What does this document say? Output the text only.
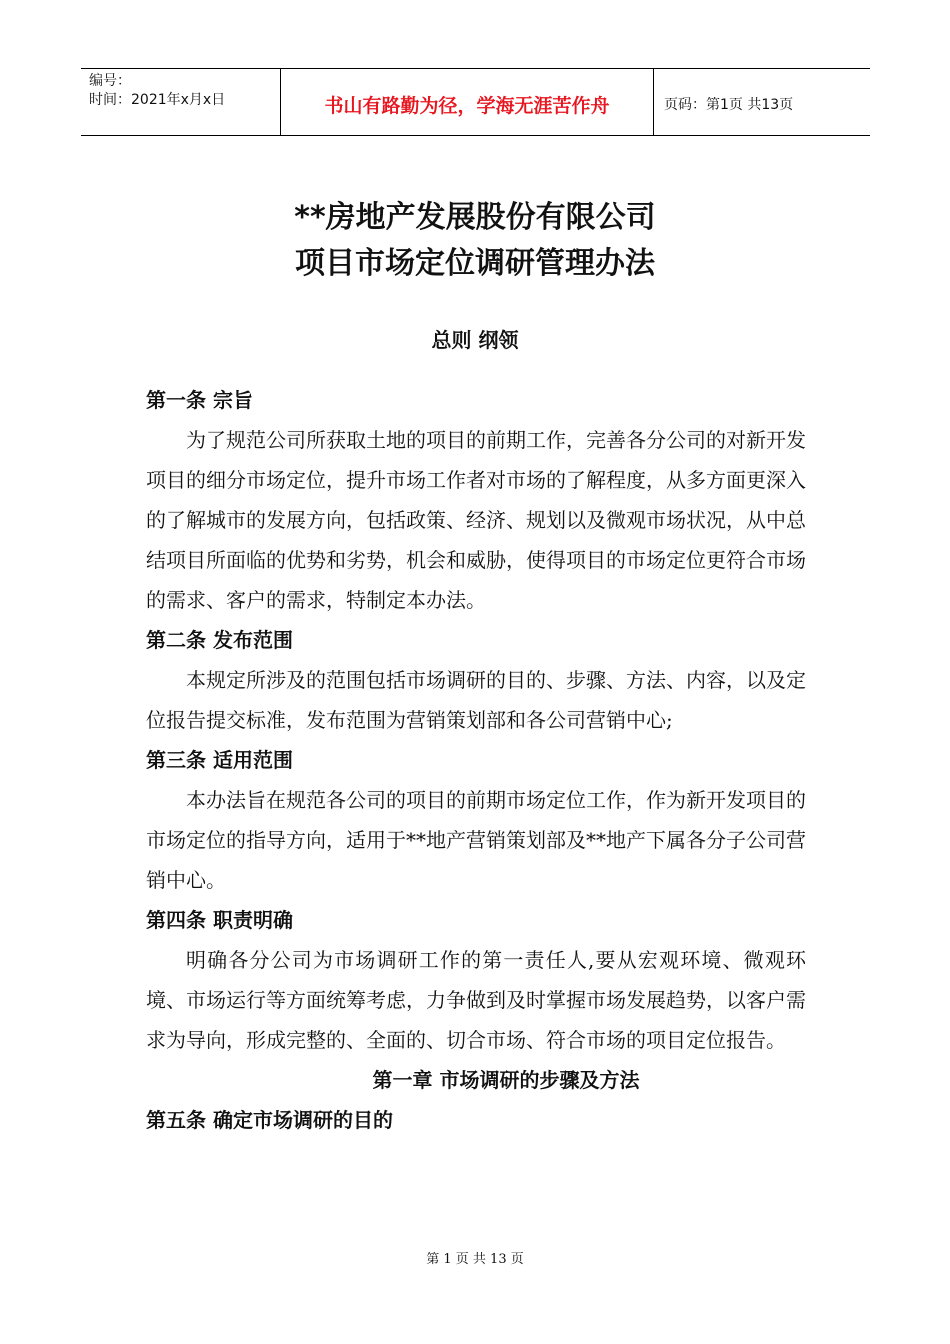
编号：
时间：2021年x月x日	书山有路勤为径，学海无涯苦作舟	页码：第1页 共13页
**房地产发展股份有限公司
项目市场定位调研管理办法
总则 纲领
第一条 宗旨

为了规范公司所获取土地的项目的前期工作，完善各分公司的对新开发项目的细分市场定位，提升市场工作者对市场的了解程度，从多方面更深入的了解城市的发展方向，包括政策、经济、规划以及微观市场状况，从中总结项目所面临的优势和劣势，机会和威胁，使得项目的市场定位更符合市场的需求、客户的需求，特制定本办法。

第二条 发布范围

本规定所涉及的范围包括市场调研的目的、步骤、方法、内容，以及定位报告提交标准，发布范围为营销策划部和各公司营销中心;

第三条 适用范围

本办法旨在规范各公司的项目的前期市场定位工作，作为新开发项目的市场定位的指导方向，适用于**地产营销策划部及**地产下属各分子公司营销中心。

第四条 职责明确

明确各分公司为市场调研工作的第一责任人,要从宏观环境、微观环境、市场运行等方面统筹考虑，力争做到及时掌握市场发展趋势，以客户需求为导向，形成完整的、全面的、切合市场、符合市场的项目定位报告。

第一章 市场调研的步骤及方法
第五条 确定市场调研的目的
第 1 页 共 13 页
